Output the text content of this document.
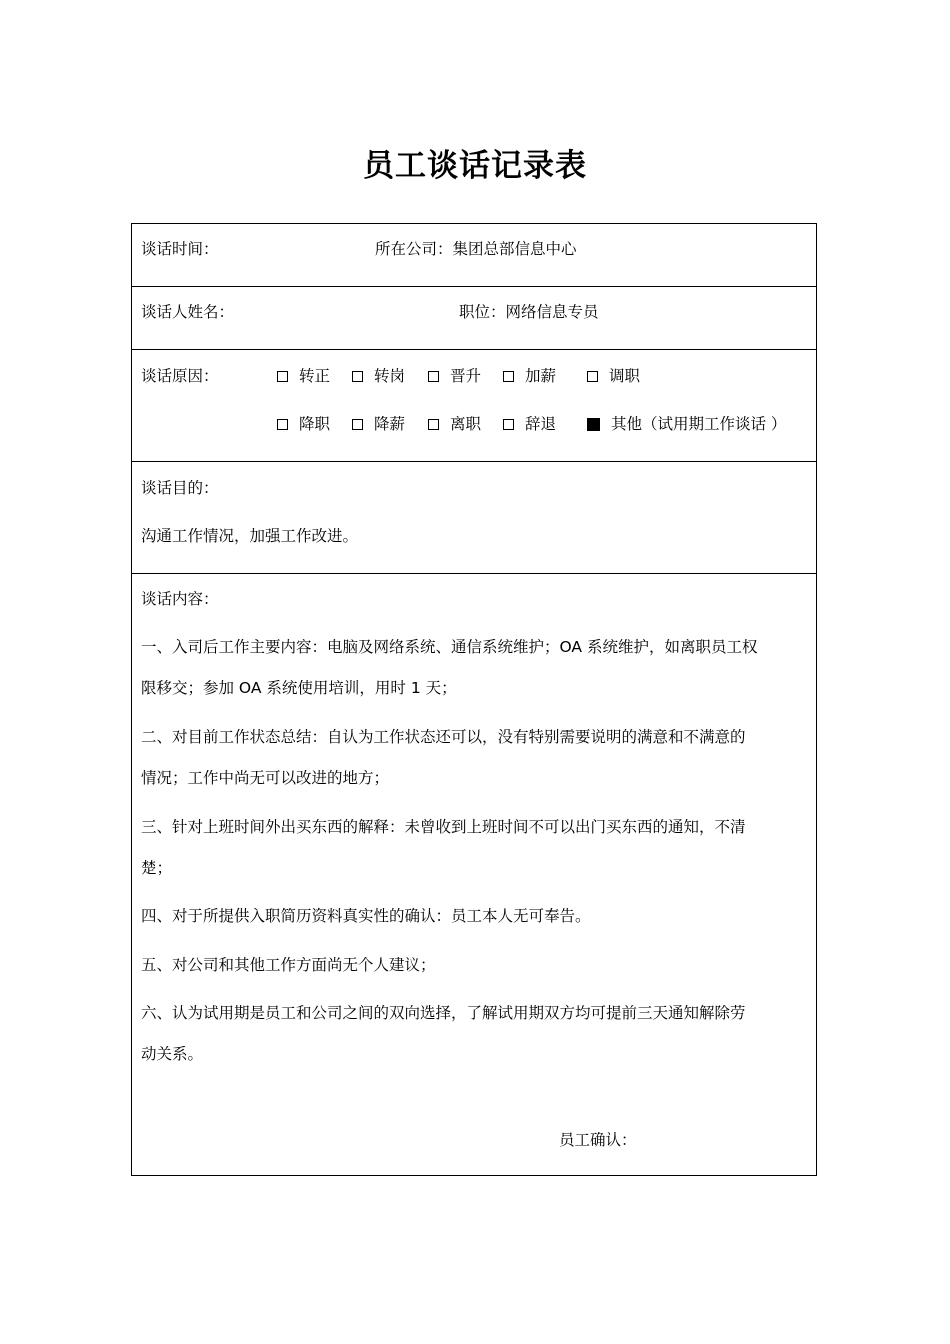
员工谈话记录表
谈话时间：	所在公司：集团总部信息中心
谈话人姓名：	职位：网络信息专员
谈话原因：	转正	转岗	晋升	加薪	调职
降职	降薪	离职	辞退	其他（试用期工作谈话 ）
谈话目的：
沟通工作情况，加强工作改进。
谈话内容：
一、入司后工作主要内容：电脑及网络系统、通信系统维护；OA 系统维护，如离职员工权
限移交；参加 OA 系统使用培训，用时 1 天；
二、对目前工作状态总结：自认为工作状态还可以，没有特别需要说明的满意和不满意的
情况；工作中尚无可以改进的地方；
三、针对上班时间外出买东西的解释：未曾收到上班时间不可以出门买东西的通知，不清
楚；
四、对于所提供入职简历资料真实性的确认：员工本人无可奉告。
五、对公司和其他工作方面尚无个人建议；
六、认为试用期是员工和公司之间的双向选择，了解试用期双方均可提前三天通知解除劳
动关系。
员工确认：
